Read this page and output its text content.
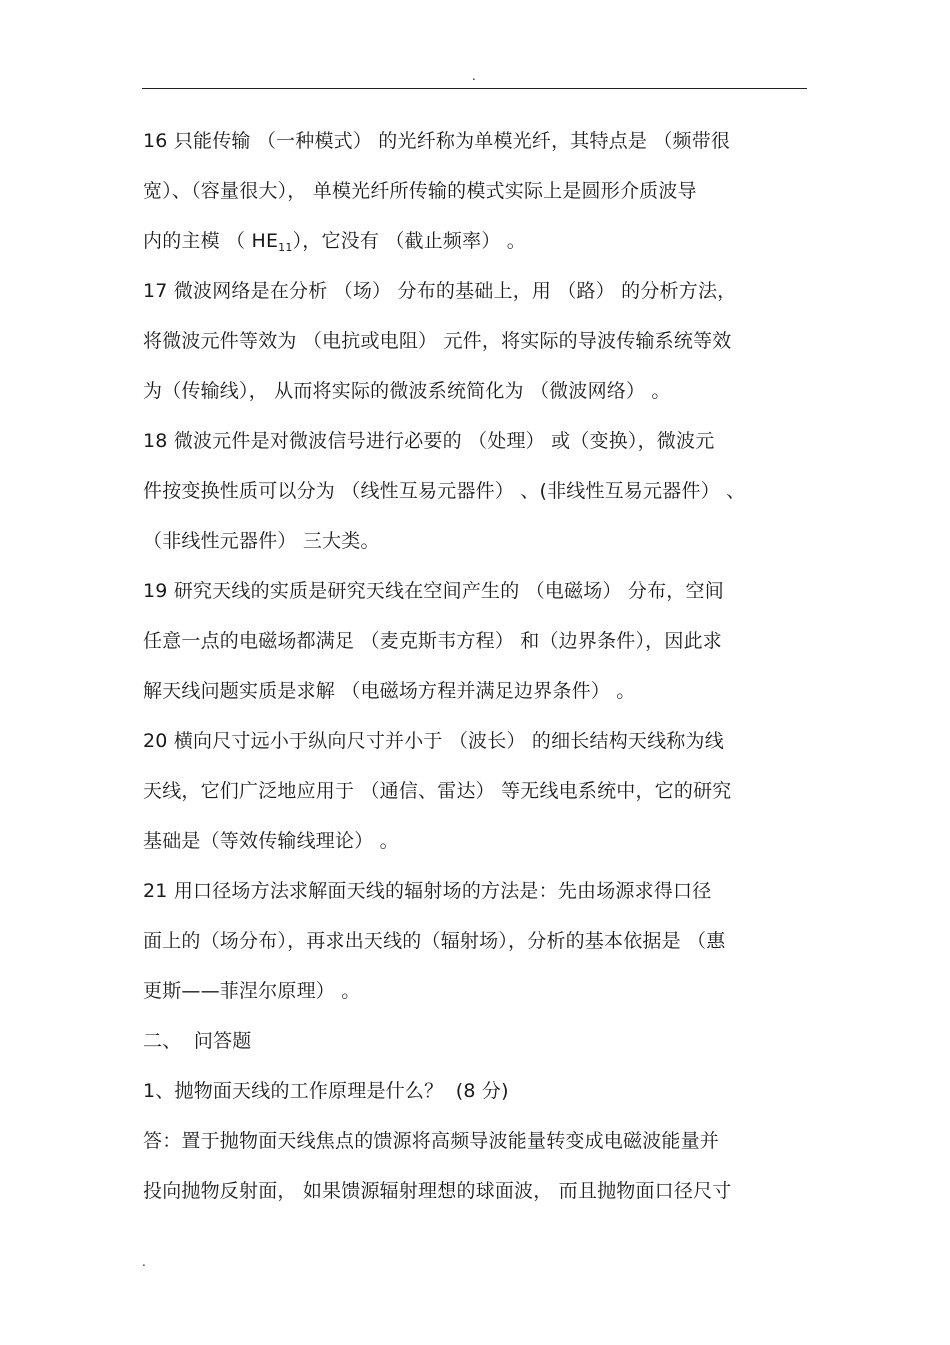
.
16 只能传输 （一种模式） 的光纤称为单模光纤，其特点是 （频带很
宽）、（容量很大）， 单模光纤所传输的模式实际上是圆形介质波导
内的主模 （ $HE_{11}$），它没有 （截止频率） 。
17 微波网络是在分析 （场） 分布的基础上，用 （路） 的分析方法，
将微波元件等效为 （电抗或电阻） 元件，将实际的导波传输系统等效
为（传输线）， 从而将实际的微波系统简化为 （微波网络） 。
18 微波元件是对微波信号进行必要的 （处理） 或（变换），微波元
件按变换性质可以分为 （线性互易元器件） 、(非线性互易元器件） 、
（非线性元器件） 三大类。
19 研究天线的实质是研究天线在空间产生的 （电磁场） 分布，空间
任意一点的电磁场都满足 （麦克斯韦方程） 和（边界条件），因此求
解天线问题实质是求解 （电磁场方程并满足边界条件） 。
20 横向尺寸远小于纵向尺寸并小于 （波长） 的细长结构天线称为线
天线，它们广泛地应用于 （通信、雷达） 等无线电系统中，它的研究
基础是（等效传输线理论） 。
21 用口径场方法求解面天线的辐射场的方法是：先由场源求得口径
面上的（场分布），再求出天线的（辐射场），分析的基本依据是 （惠
更斯——菲涅尔原理） 。
二、  问答题
1、抛物面天线的工作原理是什么？  (8 分)
答：置于抛物面天线焦点的馈源将高频导波能量转变成电磁波能量并
投向抛物反射面， 如果馈源辐射理想的球面波， 而且抛物面口径尺寸
.
